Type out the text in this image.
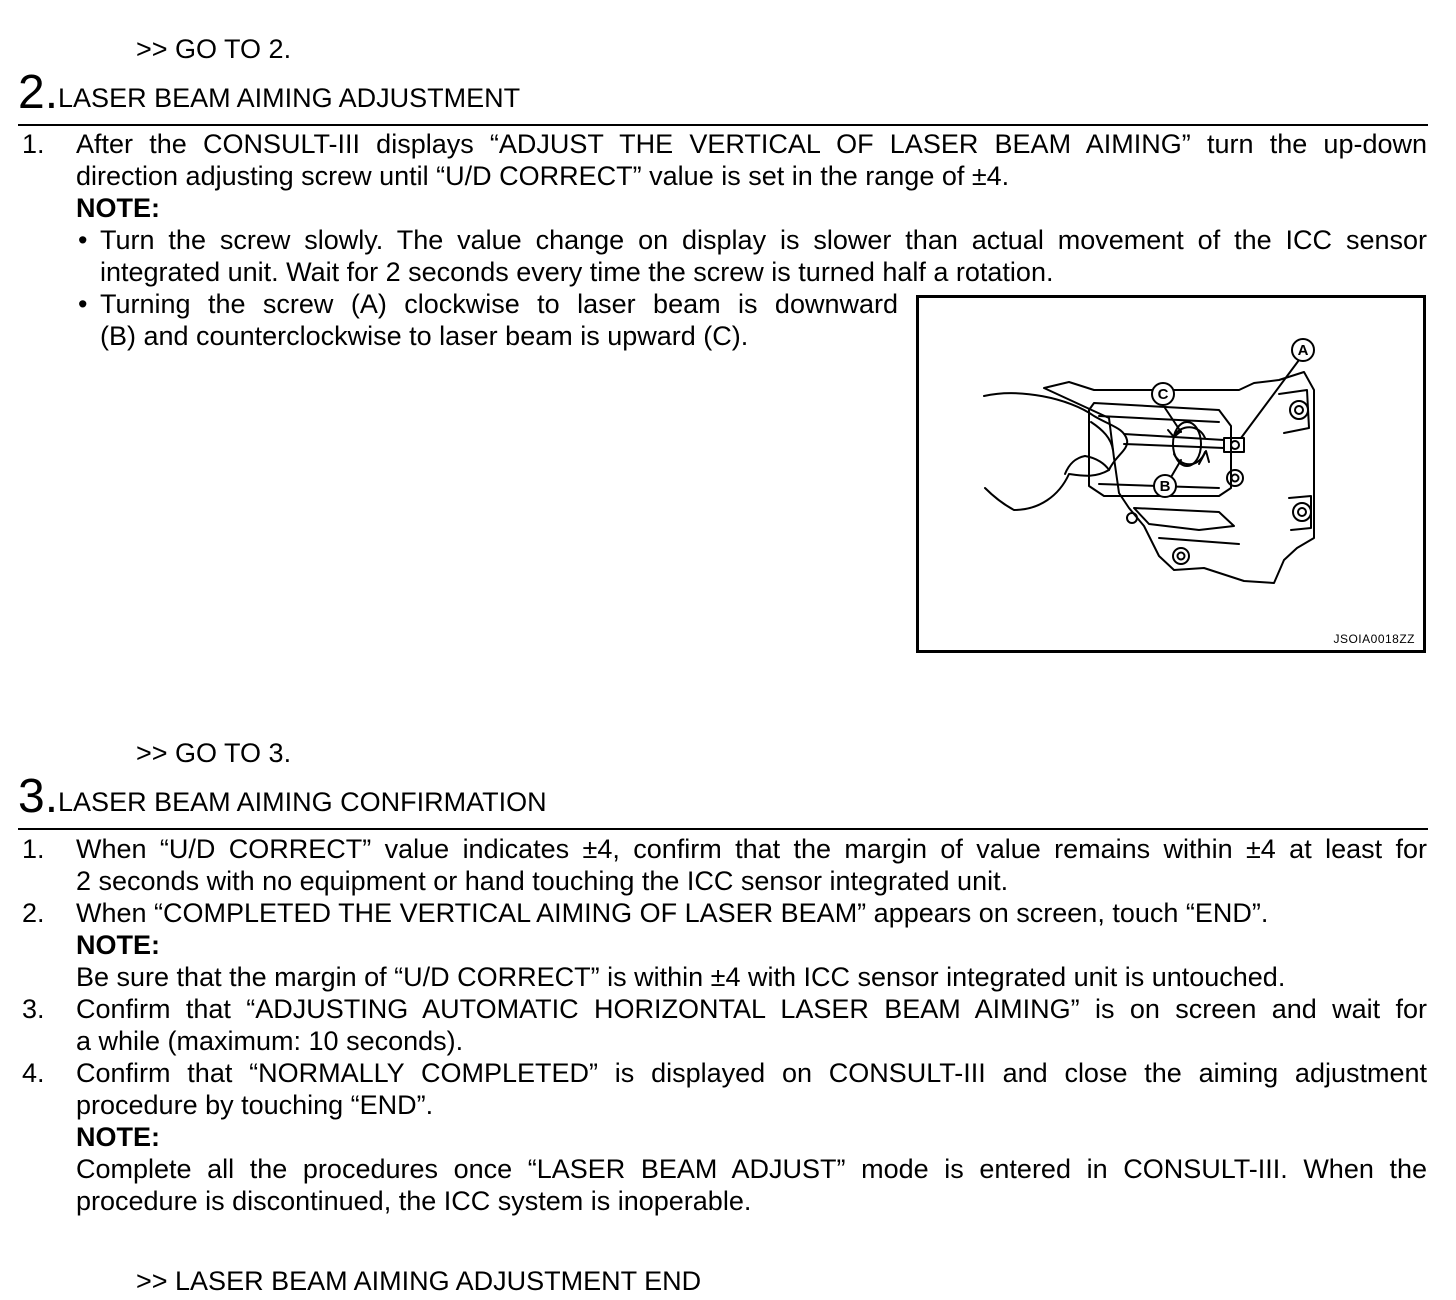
>> GO TO 2.
2.LASER BEAM AIMING ADJUSTMENT
1. After the CONSULT-III displays “ADJUST THE VERTICAL OF LASER BEAM AIMING” turn the up-down
direction adjusting screw until “U/D CORRECT” value is set in the range of ±4.
NOTE:
• Turn the screw slowly. The value change on display is slower than actual movement of the ICC sensor
integrated unit. Wait for 2 seconds every time the screw is turned half a rotation.
• Turning the screw (A) clockwise to laser beam is downward
(B) and counterclockwise to laser beam is upward (C).	A
C
B
JSOIA0018ZZ
>> GO TO 3.
3.LASER BEAM AIMING CONFIRMATION
1. When “U/D CORRECT” value indicates ±4, confirm that the margin of value remains within ±4 at least for
2 seconds with no equipment or hand touching the ICC sensor integrated unit.
2. When “COMPLETED THE VERTICAL AIMING OF LASER BEAM” appears on screen, touch “END”.
NOTE:
Be sure that the margin of “U/D CORRECT” is within ±4 with ICC sensor integrated unit is untouched.
3. Confirm that “ADJUSTING AUTOMATIC HORIZONTAL LASER BEAM AIMING” is on screen and wait for
a while (maximum: 10 seconds).
4. Confirm that “NORMALLY COMPLETED” is displayed on CONSULT-III and close the aiming adjustment
procedure by touching “END”.
NOTE:
Complete all the procedures once “LASER BEAM ADJUST” mode is entered in CONSULT-III. When the
procedure is discontinued, the ICC system is inoperable.
>> LASER BEAM AIMING ADJUSTMENT END
